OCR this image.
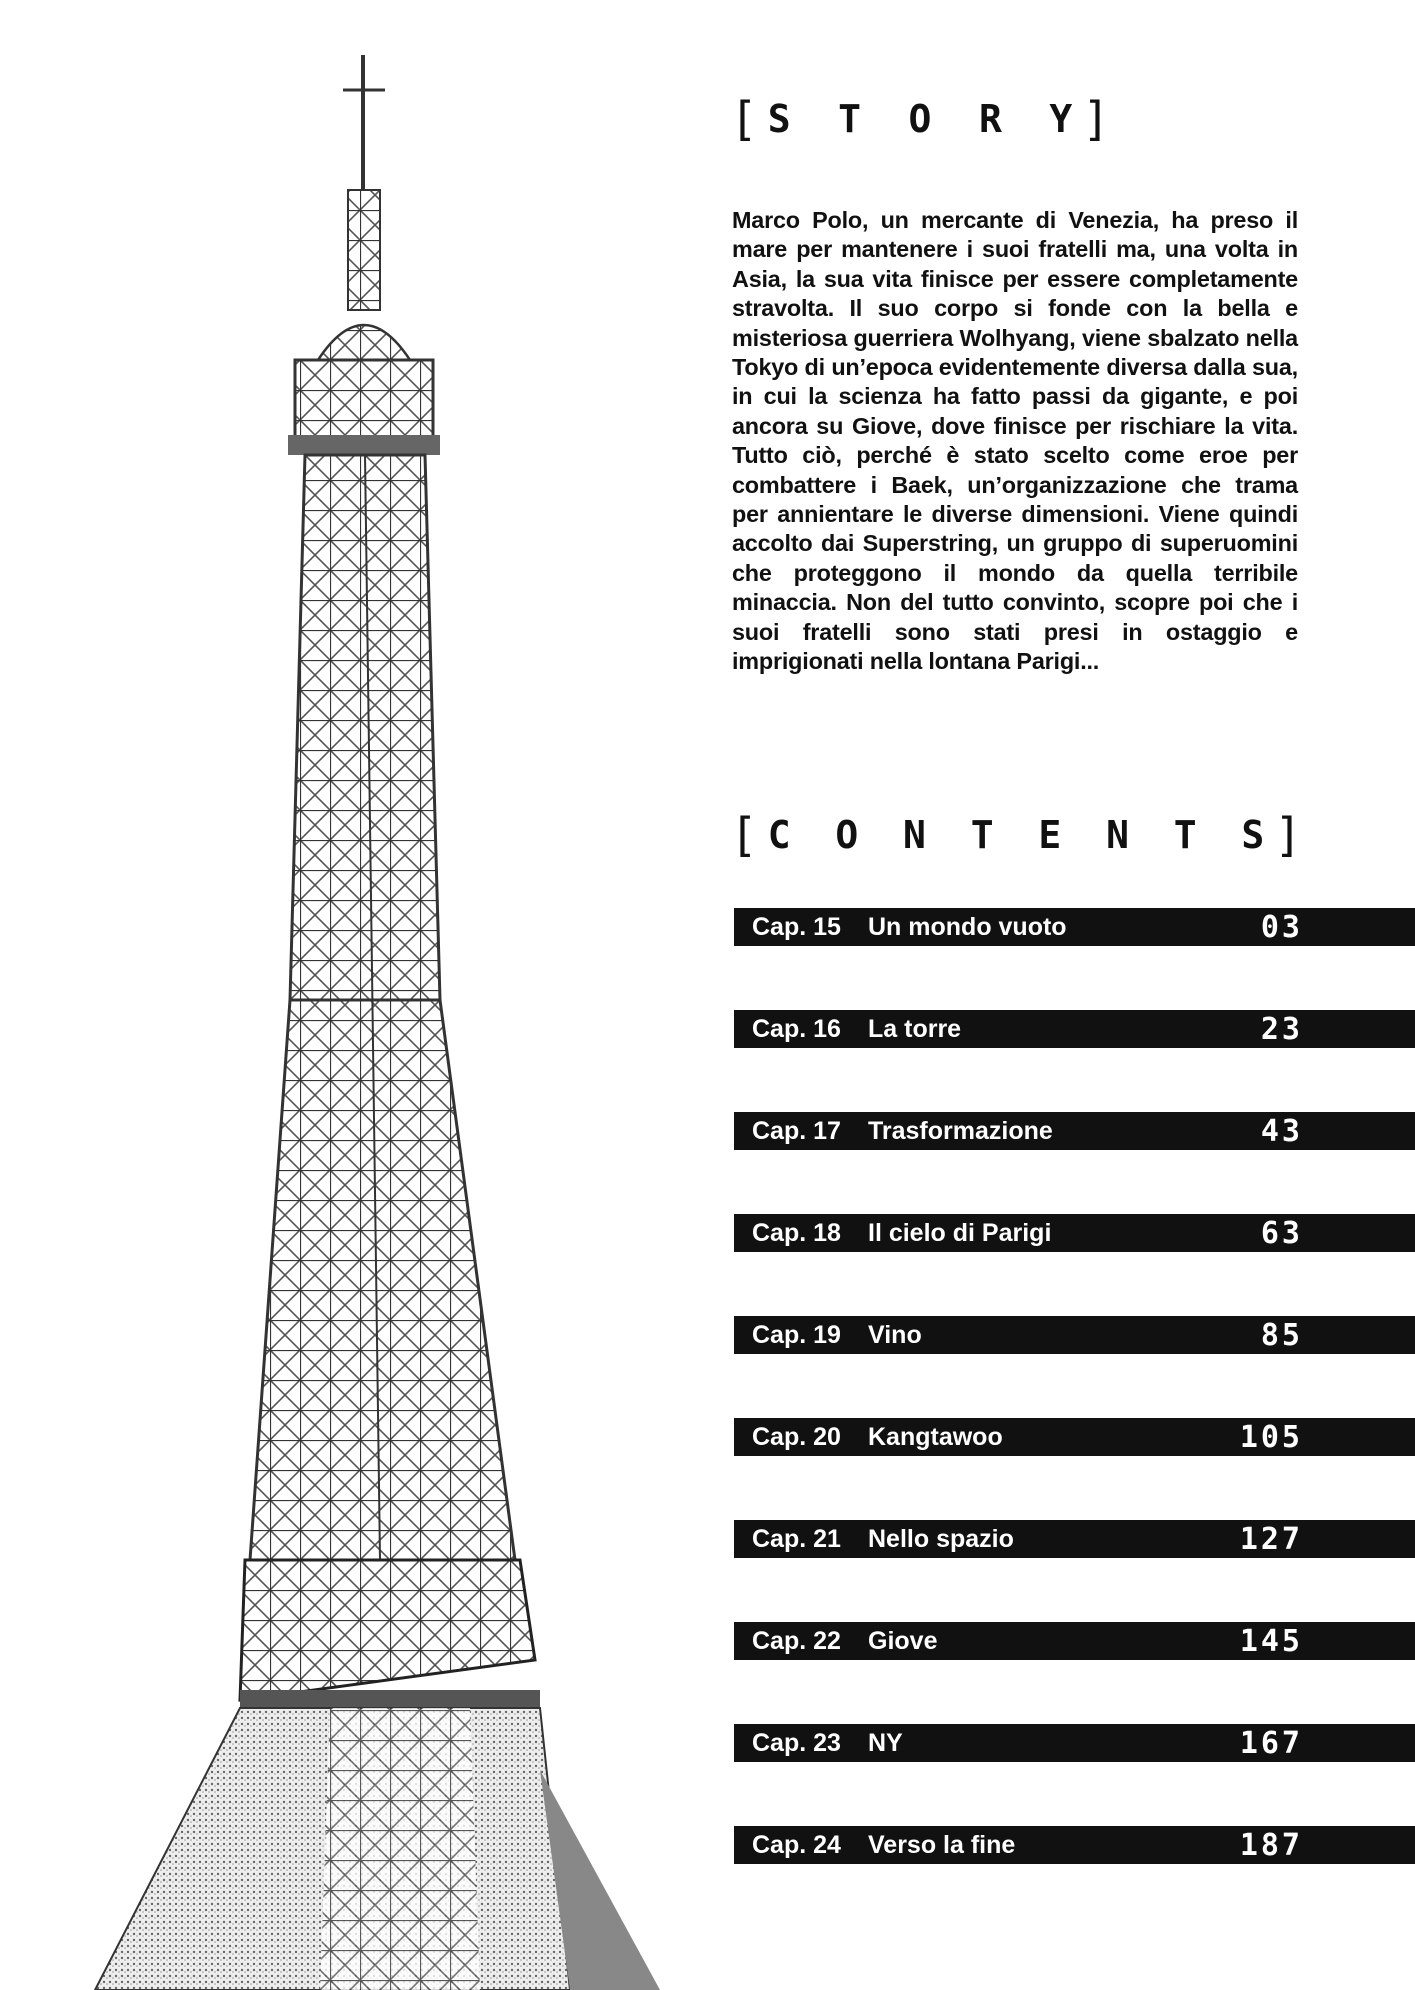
[ S T O R Y ]
Marco Polo, un mercante di Venezia, ha preso il mare per mantenere i suoi fratelli ma, una volta in Asia, la sua vita finisce per essere completamente stravolta. Il suo corpo si fonde con la bella e misteriosa guerriera Wolhyang, viene sbalzato nella Tokyo di un’epoca evidentemente diversa dalla sua, in cui la scienza ha fatto passi da gigante, e poi ancora su Giove, dove finisce per rischiare la vita. Tutto ciò, perché è stato scelto come eroe per combattere i Baek, un’organizzazione che trama per annientare le diverse dimensioni. Viene quindi accolto dai Superstring, un gruppo di superuomini che proteggono il mondo da quella terribile minaccia. Non del tutto convinto, scopre poi che i suoi fratelli sono stati presi in ostaggio e imprigionati nella lontana Parigi...
[ C O N T E N T S ]
Cap. 15	Un mondo vuoto	03
Cap. 16	La torre	23
Cap. 17	Trasformazione	43
Cap. 18	Il cielo di Parigi	63
Cap. 19	Vino	85
Cap. 20	Kangtawoo	105
Cap. 21	Nello spazio	127
Cap. 22	Giove	145
Cap. 23	NY	167
Cap. 24	Verso la fine	187
